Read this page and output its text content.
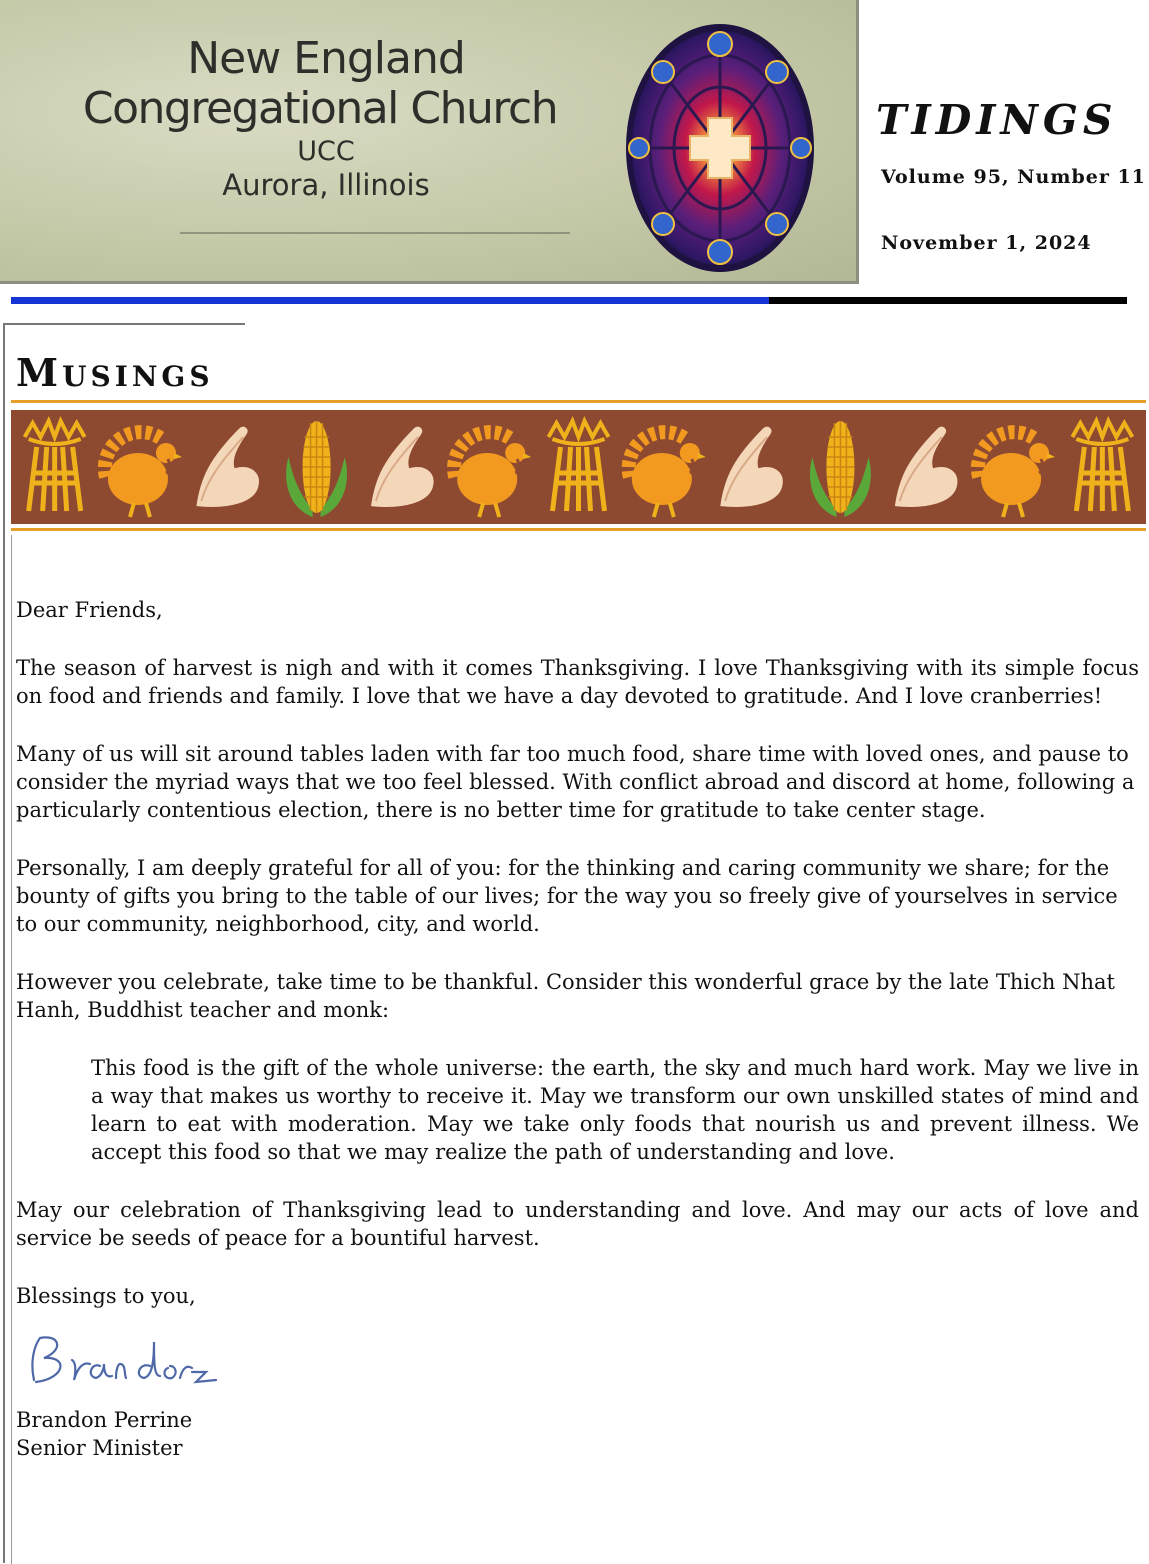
New England
Congregational Church
UCC
Aurora, Illinois
TIDINGS
Volume 95, Number 11
November 1, 2024
MUSINGS

Dear Friends,

The season of harvest is nigh and with it comes Thanksgiving. I love Thanksgiving with its simple focus on food and friends and family. I love that we have a day devoted to gratitude. And I love cranberries!

Many of us will sit around tables laden with far too much food, share time with loved ones, and pause to consider the myriad ways that we too feel blessed. With conflict abroad and discord at home, following a particularly contentious election, there is no better time for gratitude to take center stage.

Personally, I am deeply grateful for all of you: for the thinking and caring community we share; for the bounty of gifts you bring to the table of our lives; for the way you so freely give of yourselves in service to our community, neighborhood, city, and world.

However you celebrate, take time to be thankful. Consider this wonderful grace by the late Thich Nhat Hanh, Buddhist teacher and monk:

This food is the gift of the whole universe: the earth, the sky and much hard work. May we live in a way that makes us worthy to receive it. May we transform our own unskilled states of mind and learn to eat with moderation. May we take only foods that nourish us and prevent illness. We accept this food so that we may realize the path of understanding and love.

May our celebration of Thanksgiving lead to understanding and love. And may our acts of love and service be seeds of peace for a bountiful harvest.

Blessings to you,

Brandon Perrine
Senior Minister
